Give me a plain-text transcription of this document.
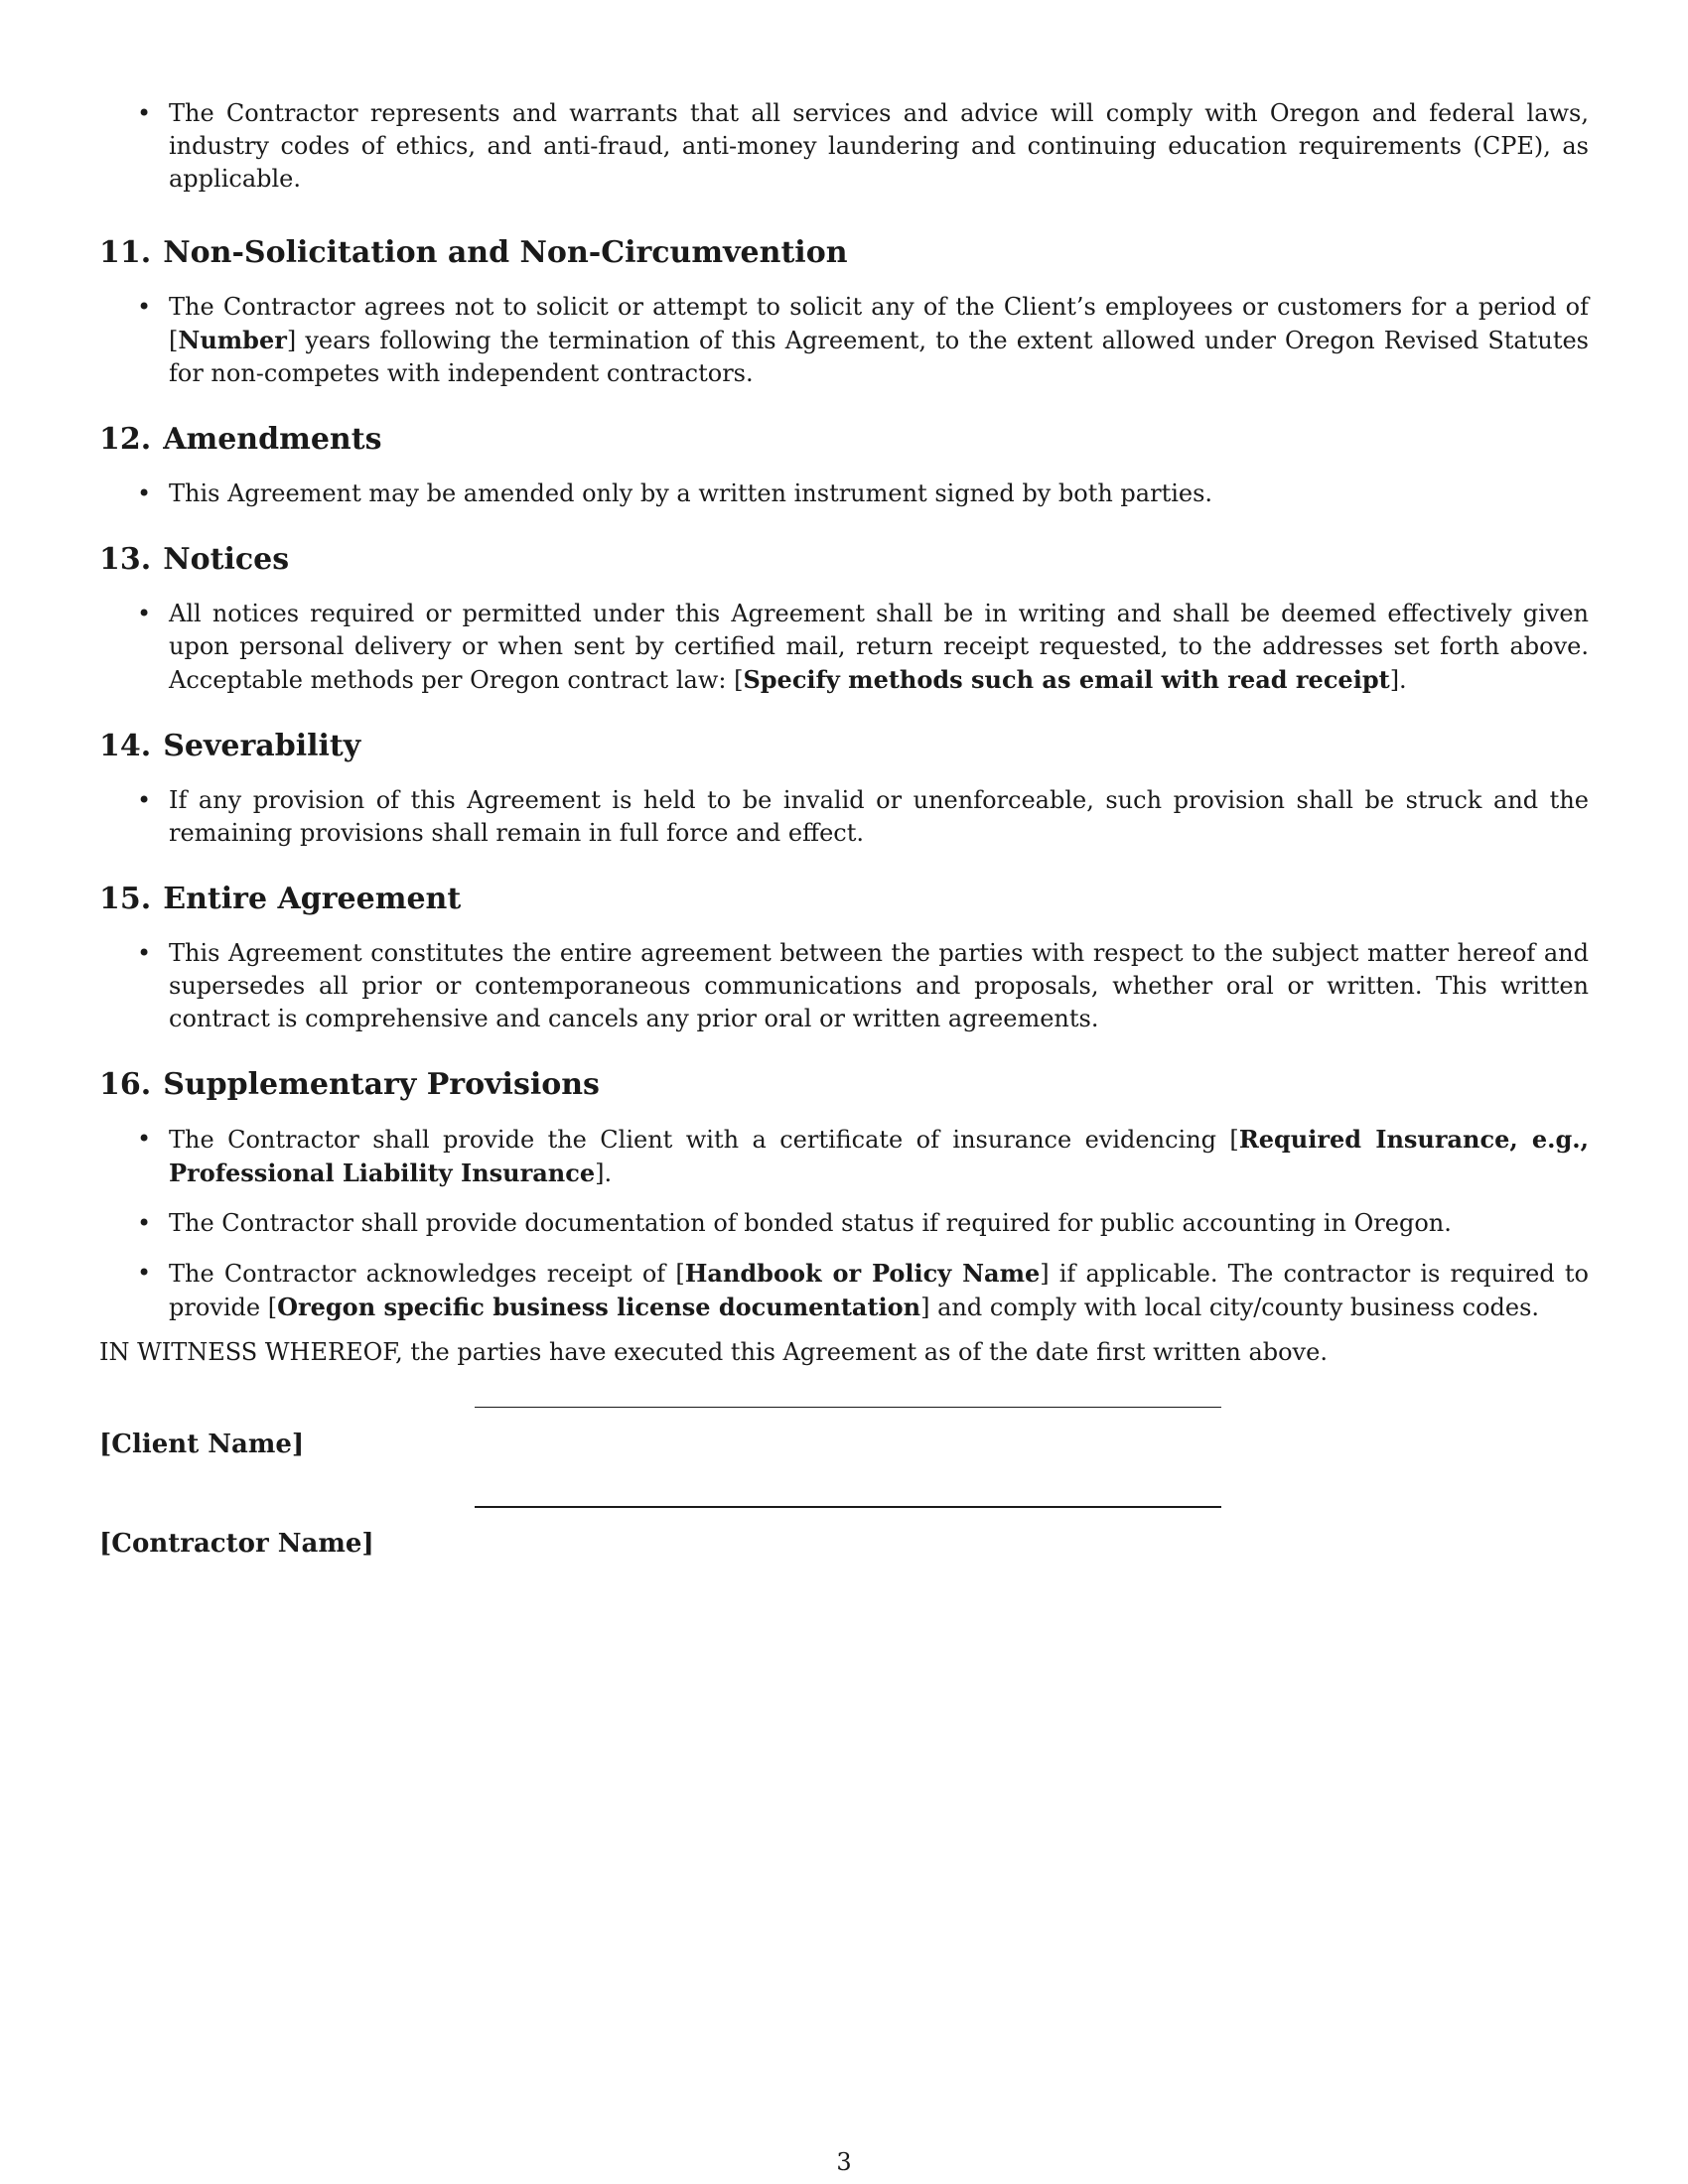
• The Contractor represents and warrants that all services and advice will comply with Oregon and federal laws, industry codes of ethics, and anti-fraud, anti-money laundering and continuing education requirements (CPE), as applicable.
11. Non-Solicitation and Non-Circumvention
• The Contractor agrees not to solicit or attempt to solicit any of the Client’s employees or customers for a period of [Number] years following the termination of this Agreement, to the extent allowed under Oregon Revised Statutes for non-competes with independent contractors.
12. Amendments
• This Agreement may be amended only by a written instrument signed by both parties.
13. Notices
• All notices required or permitted under this Agreement shall be in writing and shall be deemed effectively given upon personal delivery or when sent by certified mail, return receipt requested, to the addresses set forth above. Acceptable methods per Oregon contract law: [Specify methods such as email with read receipt].
14. Severability
• If any provision of this Agreement is held to be invalid or unenforceable, such provision shall be struck and the remaining provisions shall remain in full force and effect.
15. Entire Agreement
• This Agreement constitutes the entire agreement between the parties with respect to the subject matter hereof and supersedes all prior or contemporaneous communications and proposals, whether oral or written. This written contract is comprehensive and cancels any prior oral or written agreements.
16. Supplementary Provisions
• The Contractor shall provide the Client with a certificate of insurance evidencing [Required Insurance, e.g., Professional Liability Insurance].
• The Contractor shall provide documentation of bonded status if required for public accounting in Oregon.
• The Contractor acknowledges receipt of [Handbook or Policy Name] if applicable. The contractor is required to provide [Oregon specific business license documentation] and comply with local city/county business codes.
IN WITNESS WHEREOF, the parties have executed this Agreement as of the date first written above.
[Client Name]
[Contractor Name]
3
